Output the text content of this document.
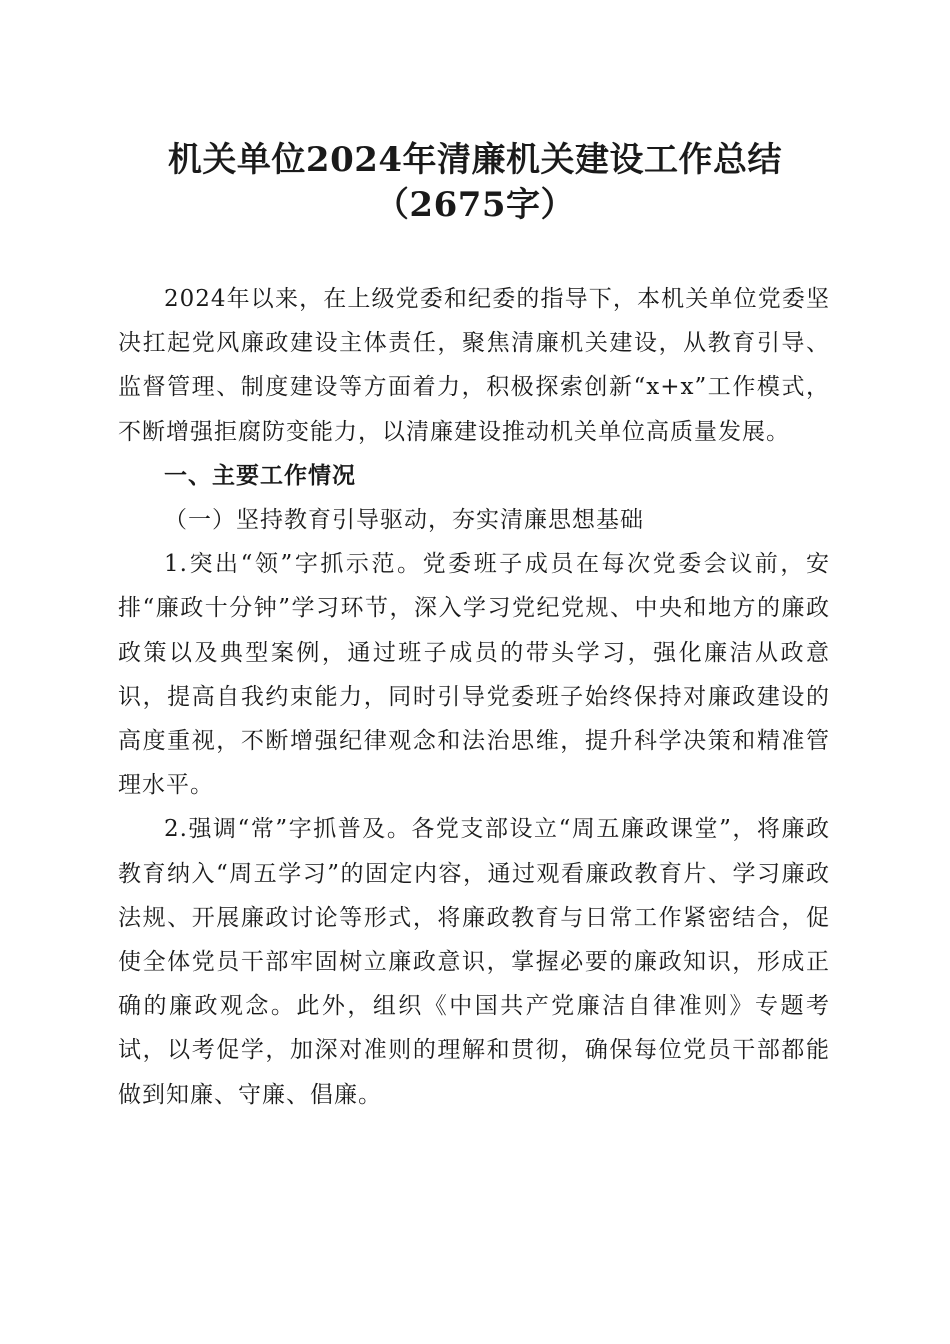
机关单位2024年清廉机关建设工作总结
（2675字）

2024年以来，在上级党委和纪委的指导下，本机关单位党委坚决扛起党风廉政建设主体责任，聚焦清廉机关建设，从教育引导、监督管理、制度建设等方面着力，积极探索创新“x+x”工作模式，不断增强拒腐防变能力，以清廉建设推动机关单位高质量发展。

一、主要工作情况

（一）坚持教育引导驱动，夯实清廉思想基础

1.突出“领”字抓示范。党委班子成员在每次党委会议前，安排“廉政十分钟”学习环节，深入学习党纪党规、中央和地方的廉政政策以及典型案例，通过班子成员的带头学习，强化廉洁从政意识，提高自我约束能力，同时引导党委班子始终保持对廉政建设的高度重视，不断增强纪律观念和法治思维，提升科学决策和精准管理水平。

2.强调“常”字抓普及。各党支部设立“周五廉政课堂”，将廉政教育纳入“周五学习”的固定内容，通过观看廉政教育片、学习廉政法规、开展廉政讨论等形式，将廉政教育与日常工作紧密结合，促使全体党员干部牢固树立廉政意识，掌握必要的廉政知识，形成正确的廉政观念。此外，组织《中国共产党廉洁自律准则》专题考试，以考促学，加深对准则的理解和贯彻，确保每位党员干部都能做到知廉、守廉、倡廉。
